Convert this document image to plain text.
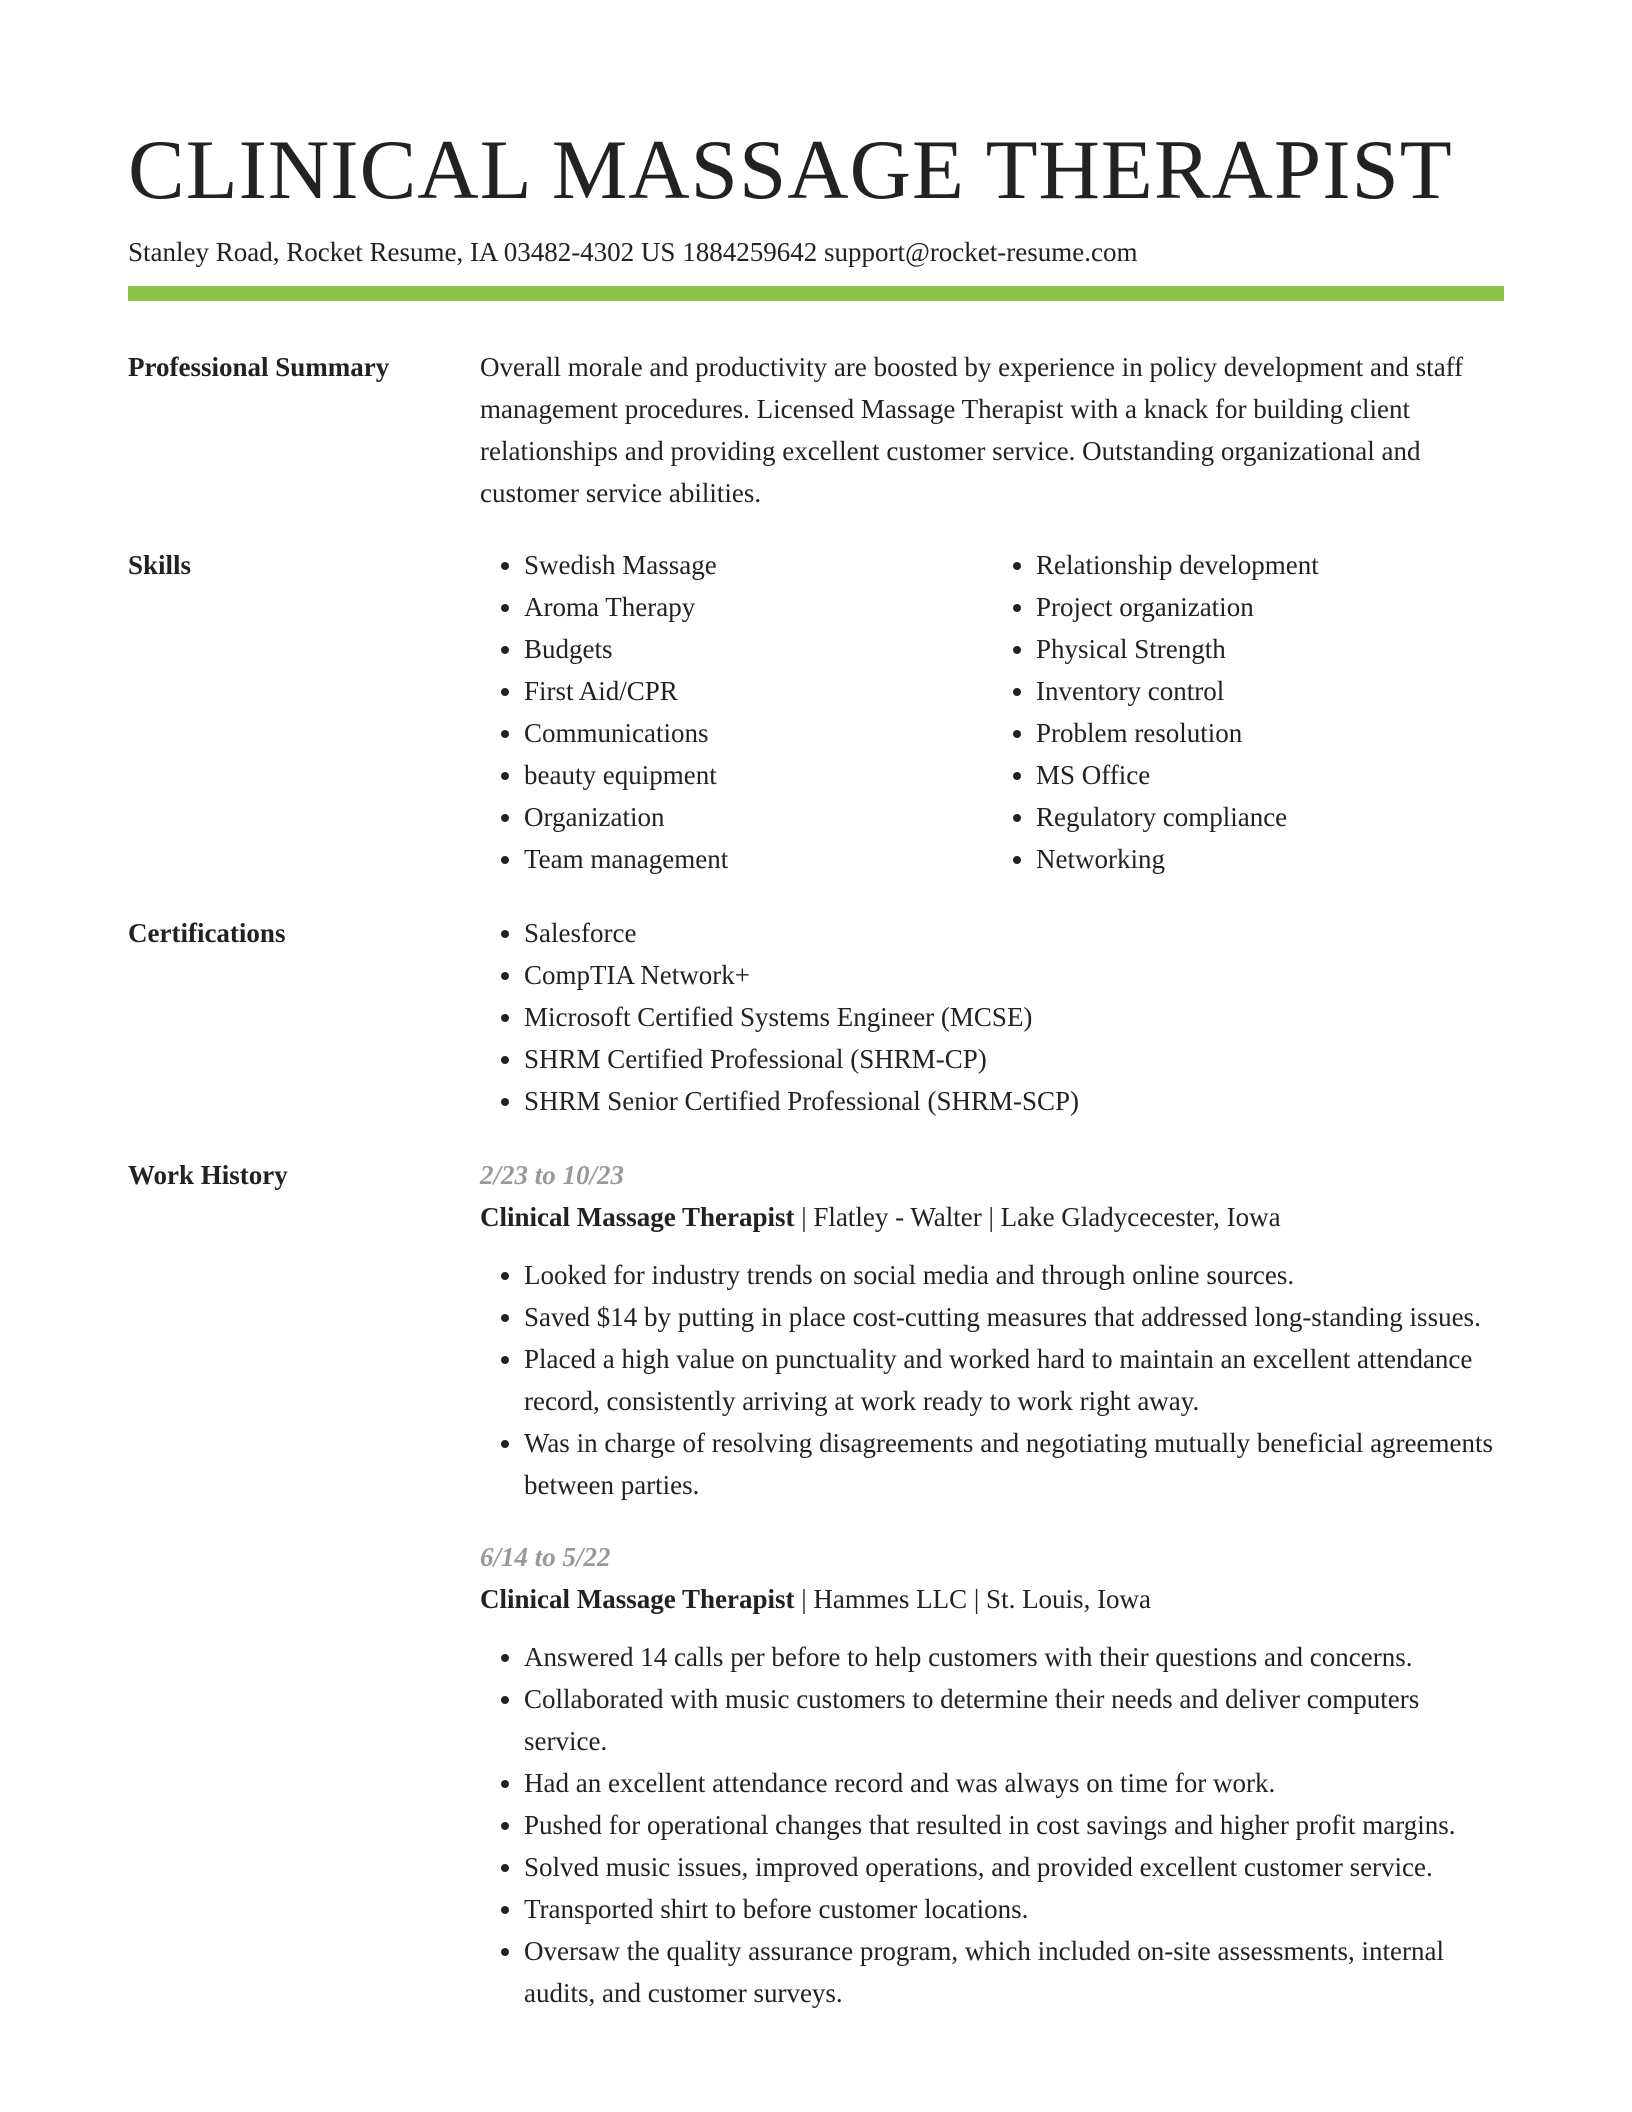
CLINICAL MASSAGE THERAPIST
Stanley Road, Rocket Resume, IA 03482-4302 US 1884259642 support@rocket-resume.com
Professional Summary	Overall morale and productivity are boosted by experience in policy development and staff management procedures. Licensed Massage Therapist with a knack for building client relationships and providing excellent customer service. Outstanding organizational and customer service abilities.

Skills	• Swedish Massage
• Aroma Therapy
• Budgets
• First Aid/CPR
• Communications
• beauty equipment
• Organization
• Team management
• Relationship development
• Project organization
• Physical Strength
• Inventory control
• Problem resolution
• MS Office
• Regulatory compliance
• Networking
Certifications	• Salesforce
• CompTIA Network+
• Microsoft Certified Systems Engineer (MCSE)
• SHRM Certified Professional (SHRM-CP)
• SHRM Senior Certified Professional (SHRM-SCP)
Work History	2/23 to 10/23
Clinical Massage Therapist | Flatley - Walter | Lake Gladycecester, Iowa
• Looked for industry trends on social media and through online sources.
• Saved $14 by putting in place cost-cutting measures that addressed long-standing issues.
• Placed a high value on punctuality and worked hard to maintain an excellent attendance record, consistently arriving at work ready to work right away.
• Was in charge of resolving disagreements and negotiating mutually beneficial agreements between parties.
6/14 to 5/22
Clinical Massage Therapist | Hammes LLC | St. Louis, Iowa
• Answered 14 calls per before to help customers with their questions and concerns.
• Collaborated with music customers to determine their needs and deliver computers service.
• Had an excellent attendance record and was always on time for work.
• Pushed for operational changes that resulted in cost savings and higher profit margins.
• Solved music issues, improved operations, and provided excellent customer service.
• Transported shirt to before customer locations.
• Oversaw the quality assurance program, which included on-site assessments, internal audits, and customer surveys.
